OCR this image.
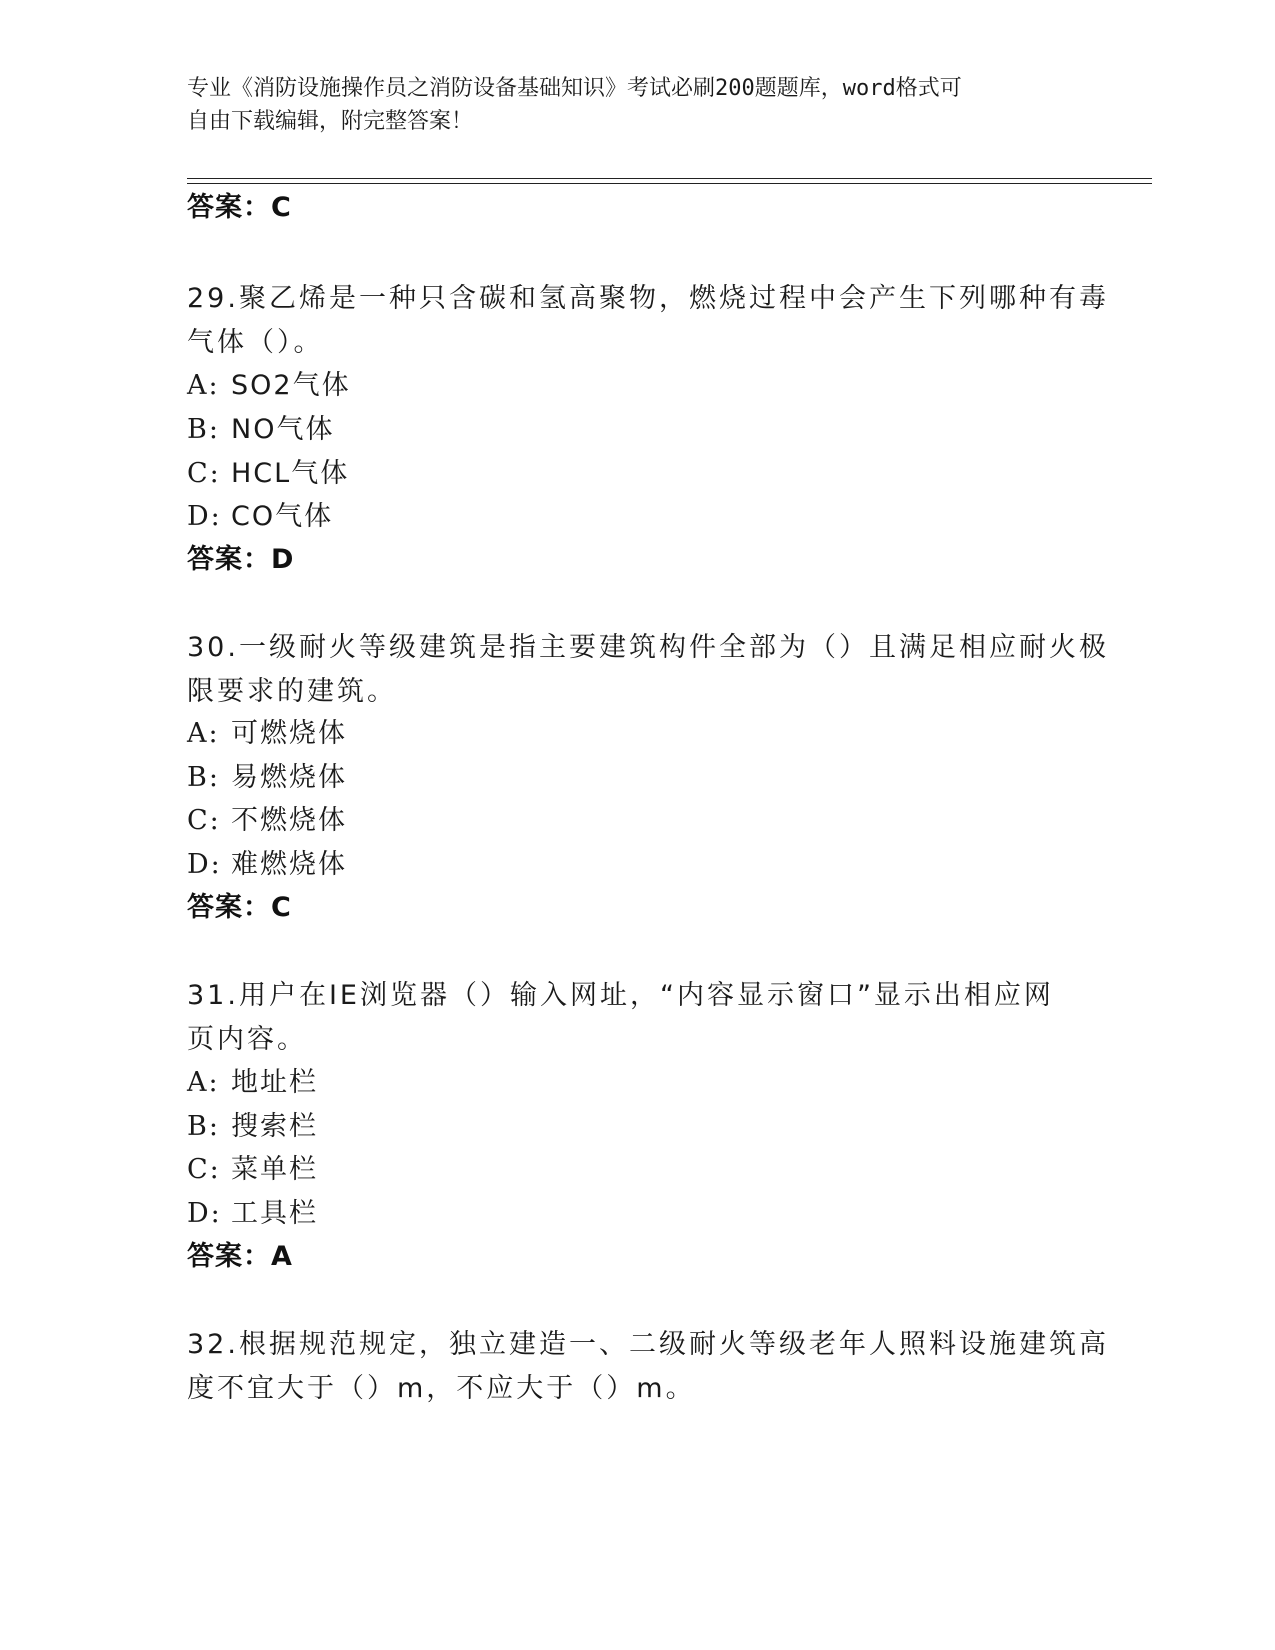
专业《消防设施操作员之消防设备基础知识》考试必刷200题题库，word格式可
自由下载编辑，附完整答案！
答案：C
29.聚乙烯是一种只含碳和氢高聚物，燃烧过程中会产生下列哪种有毒
气体（）。
A: SO2气体
B: NO气体
C: HCL气体
D: CO气体
答案：D
30.一级耐火等级建筑是指主要建筑构件全部为（）且满足相应耐火极
限要求的建筑。
A: 可燃烧体
B: 易燃烧体
C: 不燃烧体
D: 难燃烧体
答案：C
31.用户在IE浏览器（）输入网址，“内容显示窗口”显示出相应网
页内容。
A: 地址栏
B: 搜索栏
C: 菜单栏
D: 工具栏
答案：A
32.根据规范规定，独立建造一、二级耐火等级老年人照料设施建筑高
度不宜大于（）m，不应大于（）m。
